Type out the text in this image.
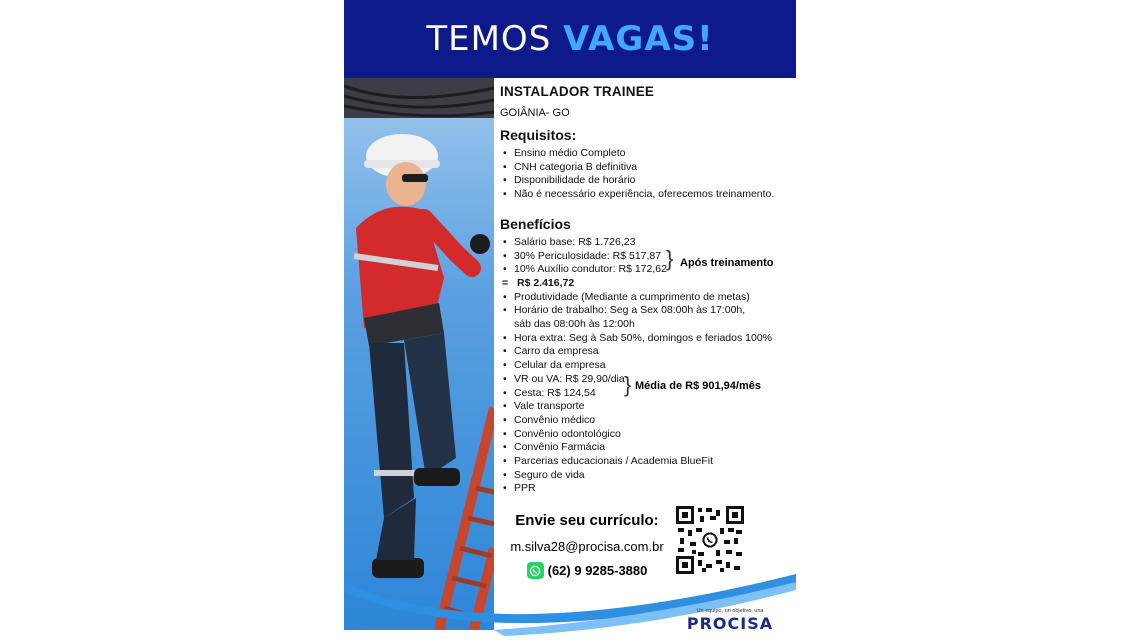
TEMOS VAGAS!
INSTALADOR TRAINEE
GOIÂNIA- GO
Requisitos:
• Ensino médio Completo
• CNH categoria B definitiva
• Disponibilidade de horário
• Não é necessário experiência, oferecemos treinamento.
Benefícios
• Salário base: R$ 1.726,23
• 30% Periculosidade: R$ 517,87
• 10% Auxílio condutor: R$ 172,62
= R$ 2.416,72
• Produtividade (Mediante a cumprimento de metas)
• Horário de trabalho: Seg a Sex 08:00h às 17:00h,
sáb das 08:00h às 12:00h
• Hora extra: Seg à Sab 50%, domingos e feriados 100%
• Carro da empresa
• Celular da empresa
• VR ou VA: R$ 29,90/dia
• Cesta: R$ 124,54
• Vale transporte
• Convênio médico
• Convênio odontológico
• Convênio Farmácia
• Parcerias educacionais / Academia BlueFit
• Seguro de vida
• PPR
} Após treinamento
} Média de R$ 901,94/mês
Envie seu currículo:
m.silva28@procisa.com.br
(62) 9 9285-3880
Un equipo, un objetivo, una
PROCISA
